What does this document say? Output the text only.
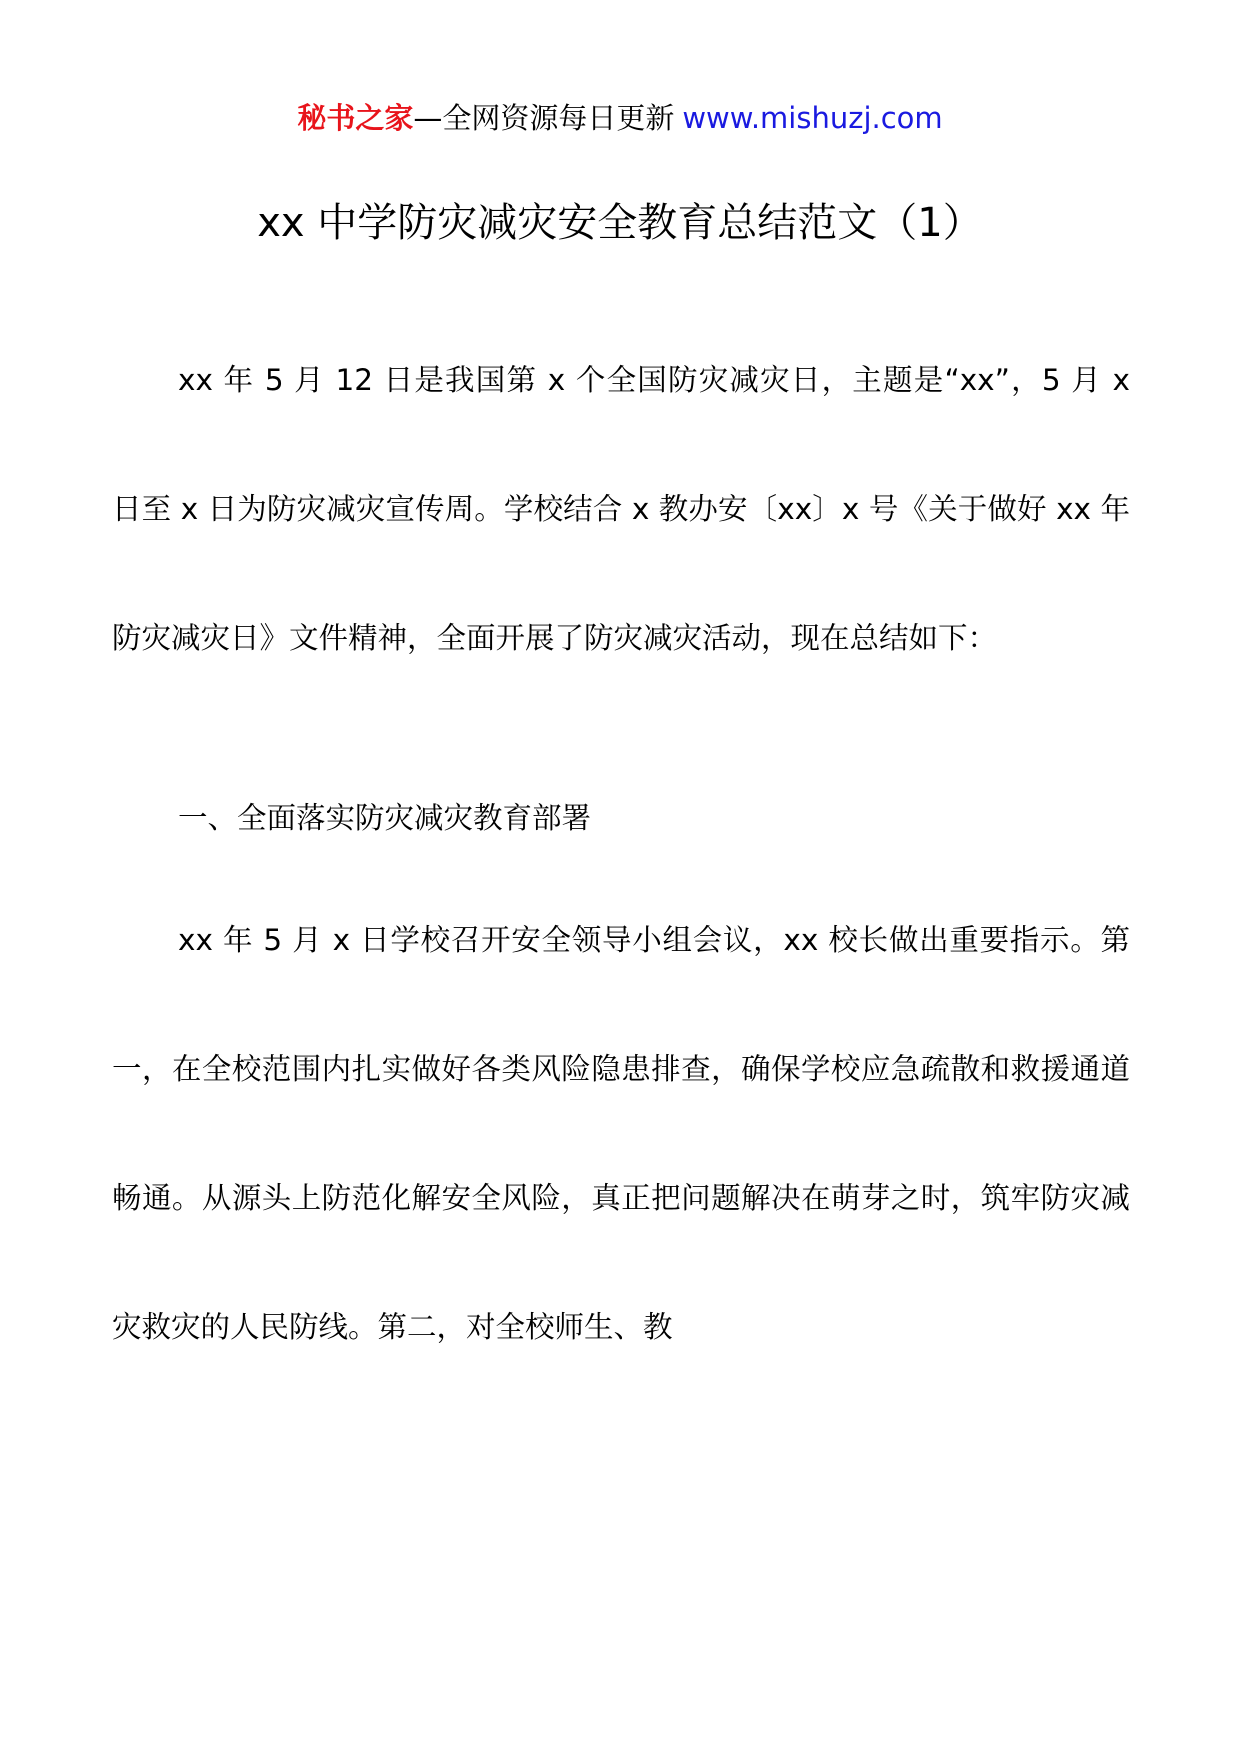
秘书之家—全网资源每日更新 www.mishuzj.com
xx 中学防灾减灾安全教育总结范文（1）

xx 年 5 月 12 日是我国第 x 个全国防灾减灾日，主题是“xx”，5 月 x 日至 x 日为防灾减灾宣传周。学校结合 x 教办安〔xx〕x 号《关于做好 xx 年防灾减灾日》文件精神，全面开展了防灾减灾活动，现在总结如下：

一、全面落实防灾减灾教育部署

xx 年 5 月 x 日学校召开安全领导小组会议，xx 校长做出重要指示。第一，在全校范围内扎实做好各类风险隐患排查，确保学校应急疏散和救援通道畅通。从源头上防范化解安全风险，真正把问题解决在萌芽之时，筑牢防灾减灾救灾的人民防线。第二，对全校师生、教
